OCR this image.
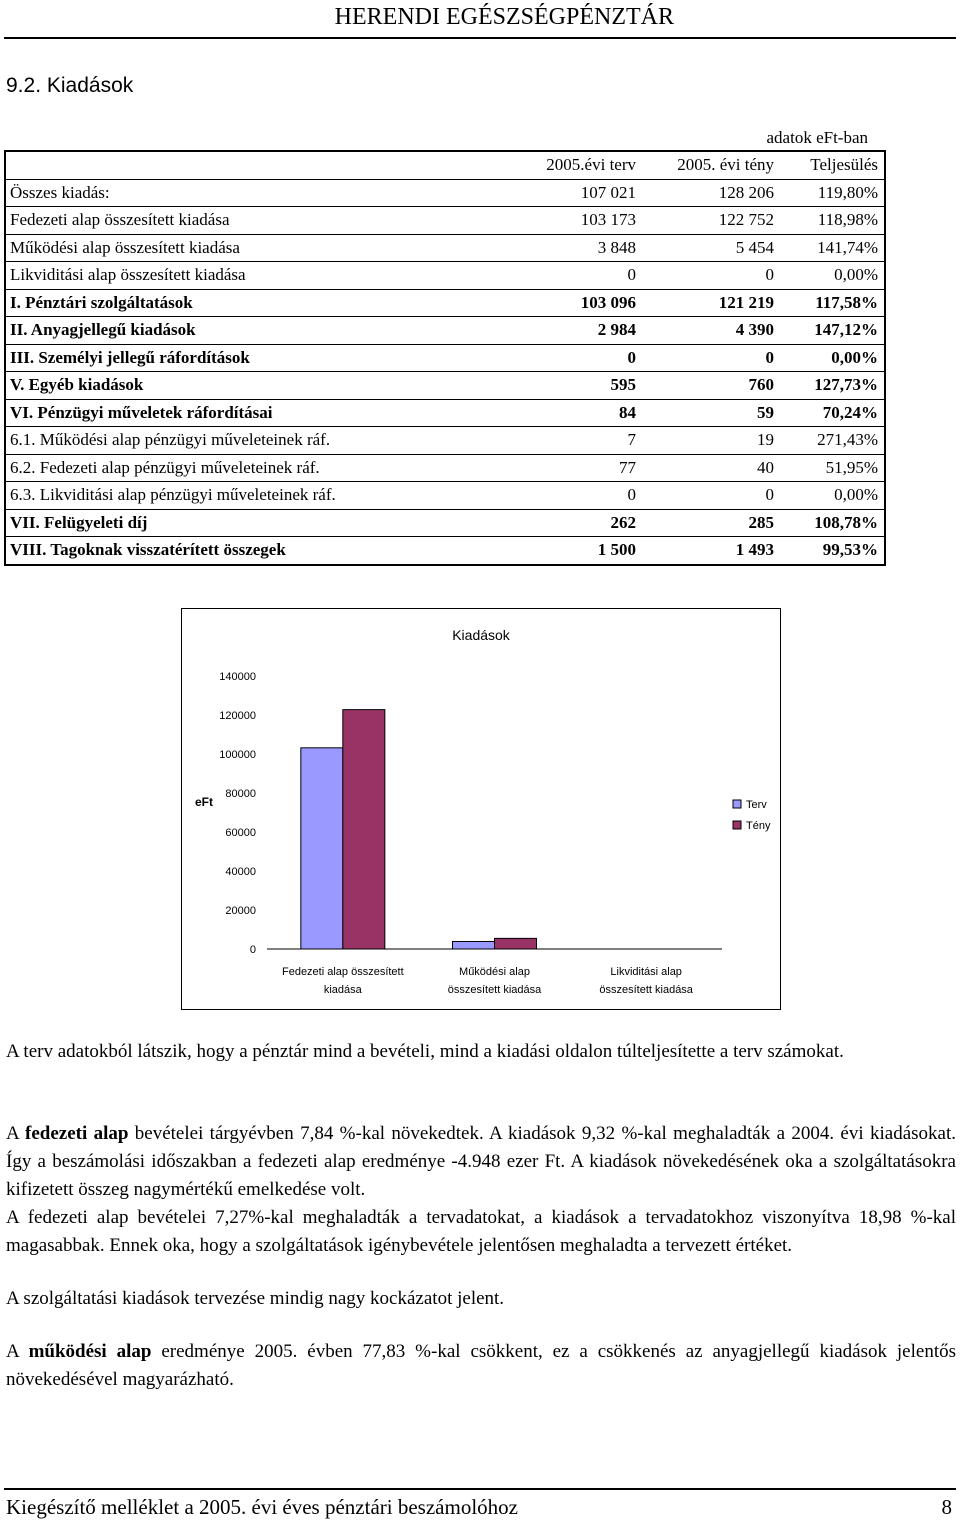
HERENDI EGÉSZSÉGPÉNZTÁR
9.2. Kiadások
adatok eFt-ban
	2005.évi terv	2005. évi tény	Teljesülés
Összes kiadás:	107 021	128 206	119,80%
Fedezeti alap összesített kiadása	103 173	122 752	118,98%
Működési alap összesített kiadása	3 848	5 454	141,74%
Likviditási alap összesített kiadása	0	0	0,00%
I. Pénztári szolgáltatások	103 096	121 219	117,58%
II. Anyagjellegű kiadások	2 984	4 390	147,12%
III. Személyi jellegű ráfordítások	0	0	0,00%
V. Egyéb kiadások	595	760	127,73%
VI. Pénzügyi műveletek ráfordításai	84	59	70,24%
6.1. Működési alap pénzügyi műveleteinek ráf.	7	19	271,43%
6.2. Fedezeti alap pénzügyi műveleteinek ráf.	77	40	51,95%
6.3. Likviditási alap pénzügyi műveleteinek ráf.	0	0	0,00%
VII. Felügyeleti díj	262	285	108,78%
VIII. Tagoknak visszatérített összegek	1 500	1 493	99,53%
Kiadások
eFt
0
20000
40000
60000
80000
100000
120000
140000
Fedezeti alap összesített
kiadása
Működési alap
összesített kiadása
Likviditási alap
összesített kiadása
Terv
Tény
A terv adatokból látszik, hogy a pénztár mind a bevételi, mind a kiadási oldalon túlteljesítette a terv számokat.
A fedezeti alap bevételei tárgyévben 7,84 %-kal növekedtek. A kiadások 9,32 %-kal meghaladták a 2004. évi kiadásokat. Így a beszámolási időszakban a fedezeti alap eredménye -4.948 ezer Ft. A kiadások növekedésének oka a szolgáltatásokra kifizetett összeg nagymértékű emelkedése volt.
A fedezeti alap bevételei 7,27%-kal meghaladták a tervadatokat, a kiadások a tervadatokhoz viszonyítva 18,98 %-kal magasabbak. Ennek oka, hogy a szolgáltatások igénybevétele jelentősen meghaladta a tervezett értéket.
A szolgáltatási kiadások tervezése mindig nagy kockázatot jelent.
A működési alap eredménye 2005. évben 77,83 %-kal csökkent, ez a csökkenés az anyagjellegű kiadások jelentős növekedésével magyarázható.
Kiegészítő melléklet a 2005. évi éves pénztári beszámolóhoz	8
